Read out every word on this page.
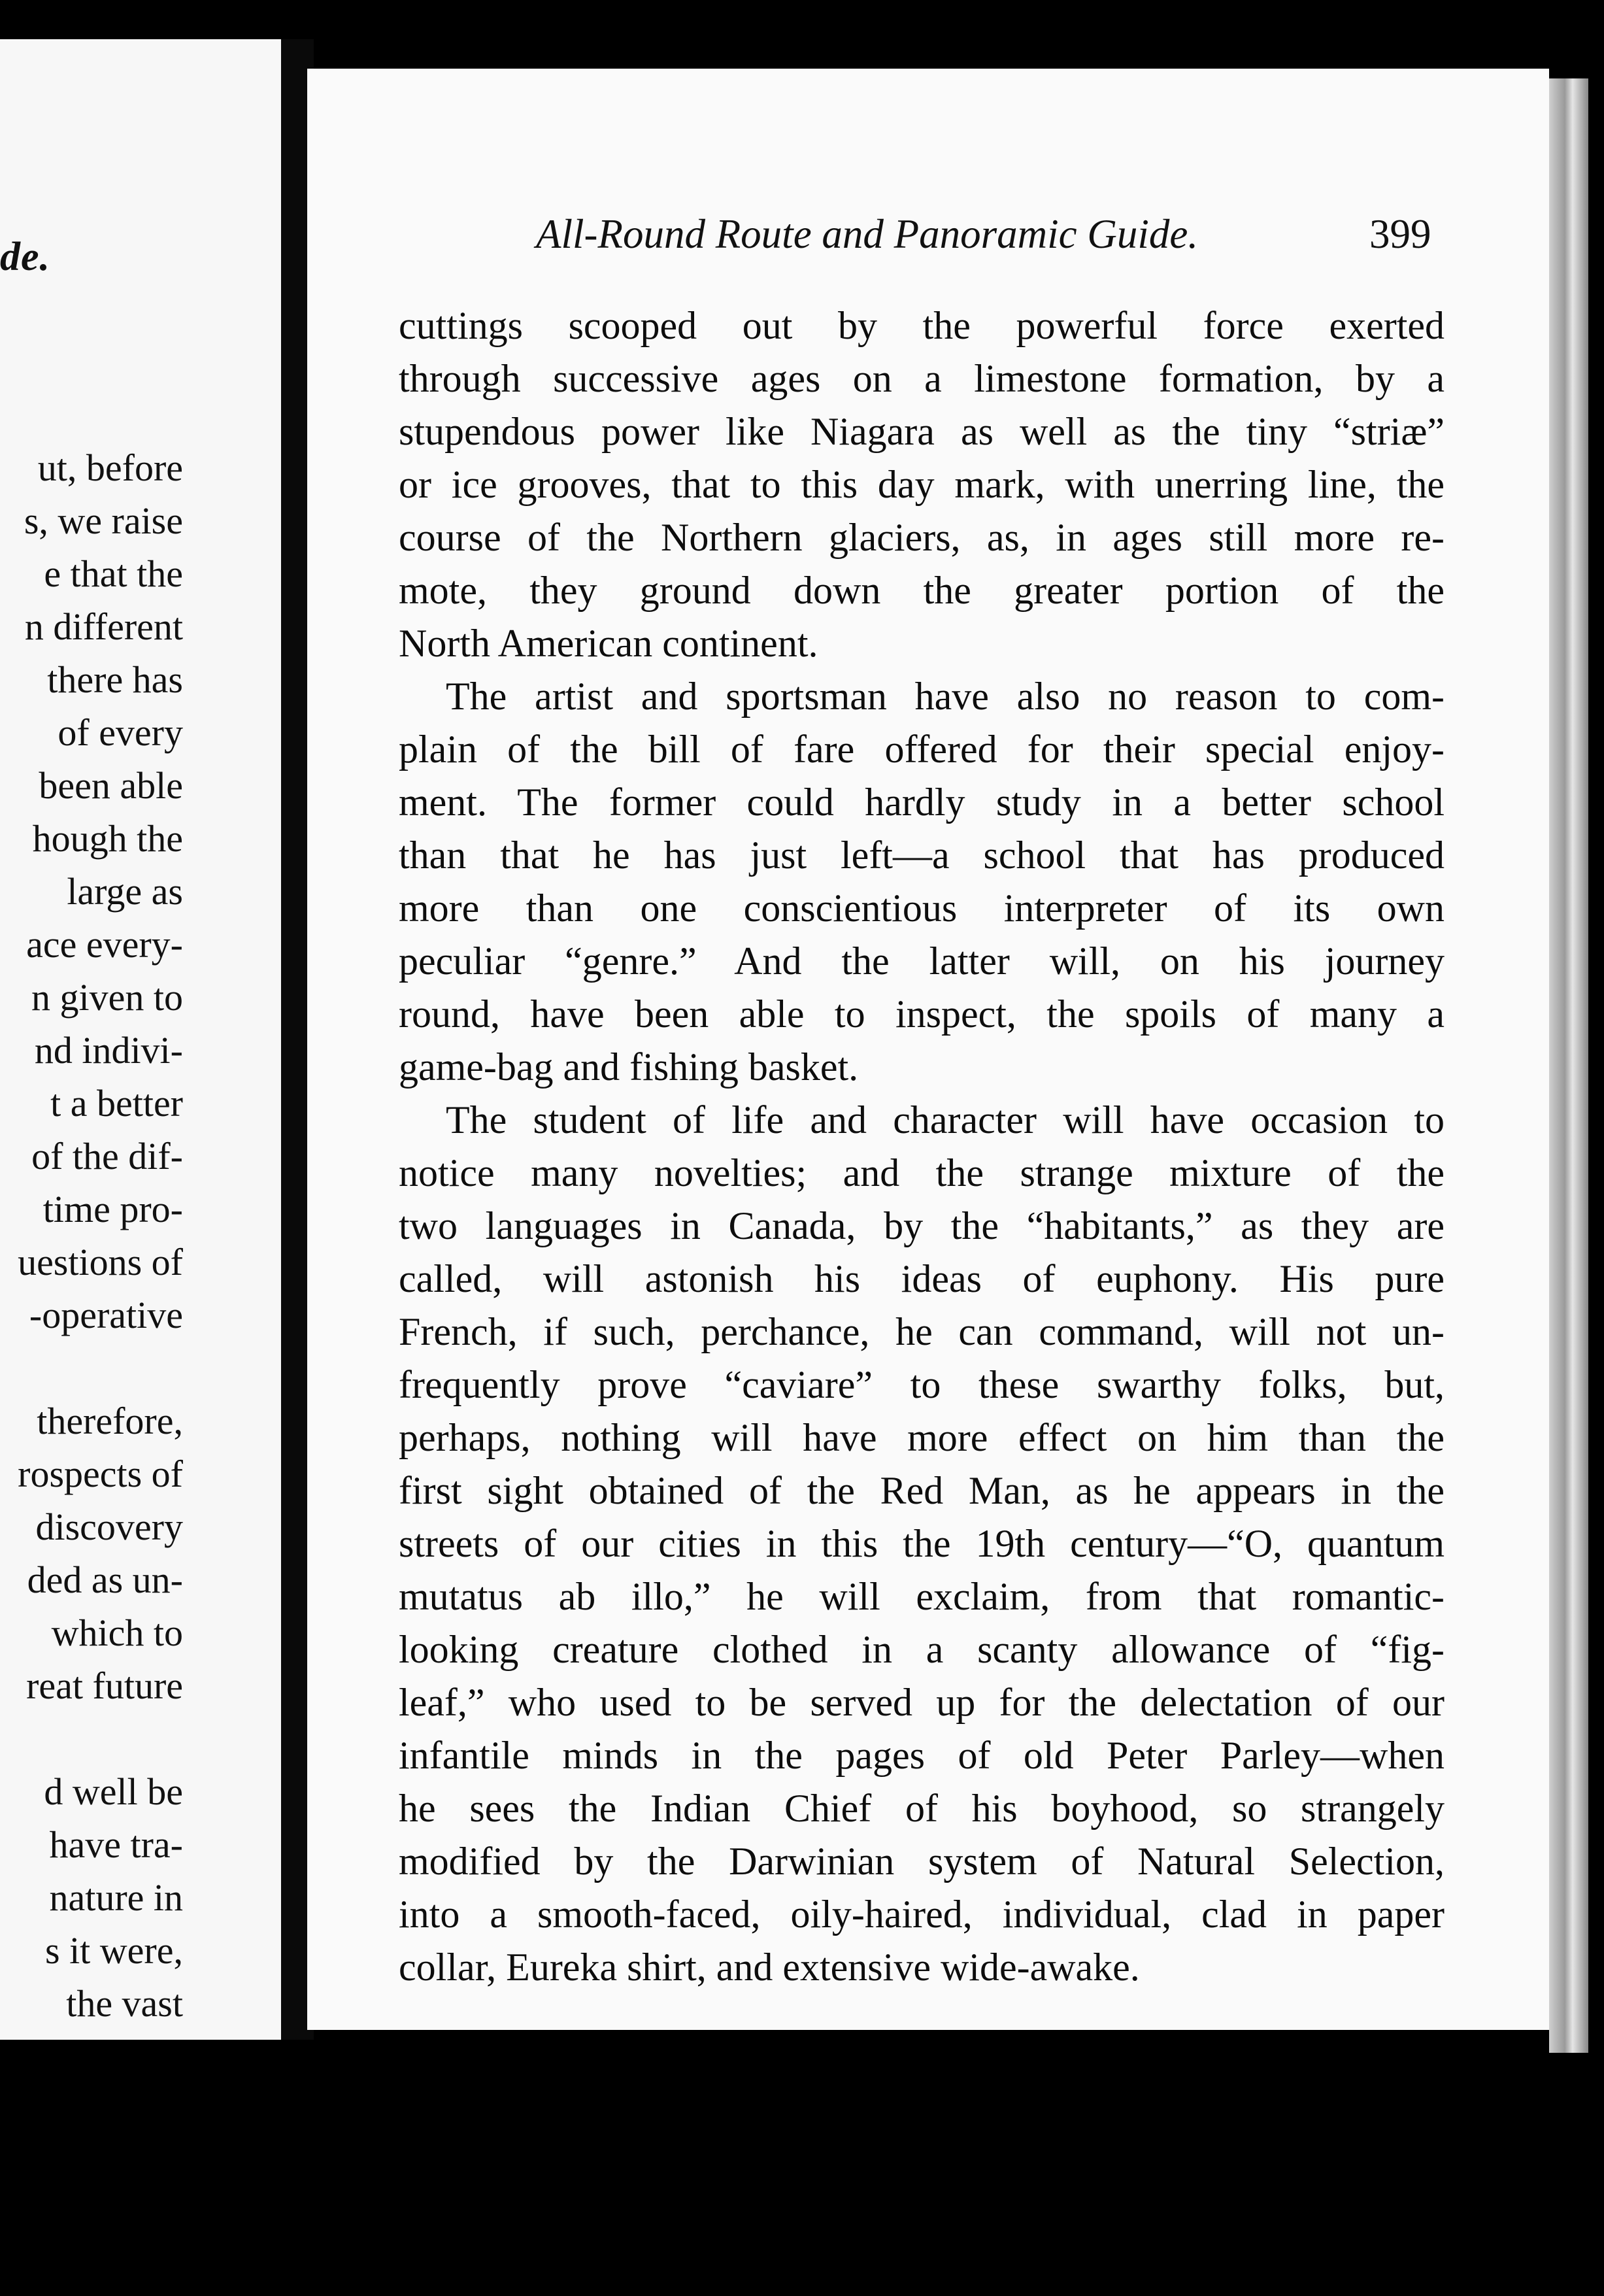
de.
ut, before
s, we raise
e that the
n different
there has
of every
been able
hough the
large as
ace every-
n given to
nd indivi-
t a better
of the dif-
time pro-
uestions of
-operative
therefore,
rospects of
discovery
ded as un-
which to
reat future
d well be
have tra-
nature in
s it were,
the vast
All-Round Route and Panoramic Guide.	399
cuttings scooped out by the powerful force exerted
through successive ages on a limestone formation, by a
stupendous power like Niagara as well as the tiny “striæ”
or ice grooves, that to this day mark, with unerring line, the
course of the Northern glaciers, as, in ages still more re-
mote, they ground down the greater portion of the
North American continent.
The artist and sportsman have also no reason to com-
plain of the bill of fare offered for their special enjoy-
ment. The former could hardly study in a better school
than that he has just left—a school that has produced
more than one conscientious interpreter of its own
peculiar “genre.” And the latter will, on his journey
round, have been able to inspect, the spoils of many a
game-bag and fishing basket.
The student of life and character will have occasion to
notice many novelties; and the strange mixture of the
two languages in Canada, by the “habitants,” as they are
called, will astonish his ideas of euphony. His pure
French, if such, perchance, he can command, will not un-
frequently prove “caviare” to these swarthy folks, but,
perhaps, nothing will have more effect on him than the
first sight obtained of the Red Man, as he appears in the
streets of our cities in this the 19th century—“O, quantum
mutatus ab illo,” he will exclaim, from that romantic-
looking creature clothed in a scanty allowance of “fig-
leaf,” who used to be served up for the delectation of our
infantile minds in the pages of old Peter Parley—when
he sees the Indian Chief of his boyhood, so strangely
modified by the Darwinian system of Natural Selection,
into a smooth-faced, oily-haired, individual, clad in paper
collar, Eureka shirt, and extensive wide-awake.
